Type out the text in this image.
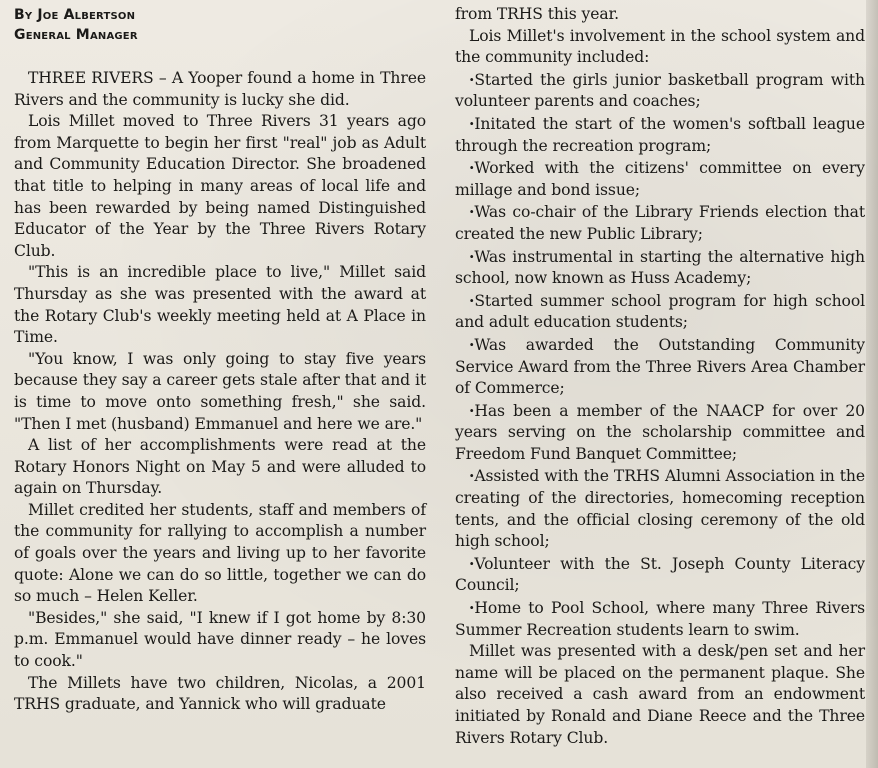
By Joe Albertson
General Manager

THREE RIVERS – A Yooper found a home in Three Rivers and the community is lucky she did.

Lois Millet moved to Three Rivers 31 years ago from Marquette to begin her first "real" job as Adult and Community Education Director. She broadened that title to helping in many areas of local life and has been rewarded by being named Distinguished Educator of the Year by the Three Rivers Rotary Club.

"This is an incredible place to live," Millet said Thursday as she was presented with the award at the Rotary Club's weekly meeting held at A Place in Time.

"You know, I was only going to stay five years because they say a career gets stale after that and it is time to move onto something fresh," she said. "Then I met (husband) Emmanuel and here we are."

A list of her accomplishments were read at the Rotary Honors Night on May 5 and were alluded to again on Thursday.

Millet credited her students, staff and members of the community for rallying to accomplish a number of goals over the years and living up to her favorite quote: Alone we can do so little, together we can do so much – Helen Keller.

"Besides," she said, "I knew if I got home by 8:30 p.m. Emmanuel would have dinner ready – he loves to cook."

The Millets have two children, Nicolas, a 2001 TRHS graduate, and Yannick who will graduate

from TRHS this year.

Lois Millet's involvement in the school system and the community included:

·Started the girls junior basketball program with volunteer parents and coaches;

·Initated the start of the women's softball league through the recreation program;

·Worked with the citizens' committee on every millage and bond issue;

·Was co-chair of the Library Friends election that created the new Public Library;

·Was instrumental in starting the alternative high school, now known as Huss Academy;

·Started summer school program for high school and adult education students;

·Was awarded the Outstanding Community Service Award from the Three Rivers Area Chamber of Commerce;

·Has been a member of the NAACP for over 20 years serving on the scholarship committee and Freedom Fund Banquet Committee;

·Assisted with the TRHS Alumni Association in the creating of the directories, homecoming reception tents, and the official closing ceremony of the old high school;

·Volunteer with the St. Joseph County Literacy Council;

·Home to Pool School, where many Three Rivers Summer Recreation students learn to swim.

Millet was presented with a desk/pen set and her name will be placed on the permanent plaque. She also received a cash award from an endowment initiated by Ronald and Diane Reece and the Three Rivers Rotary Club.
